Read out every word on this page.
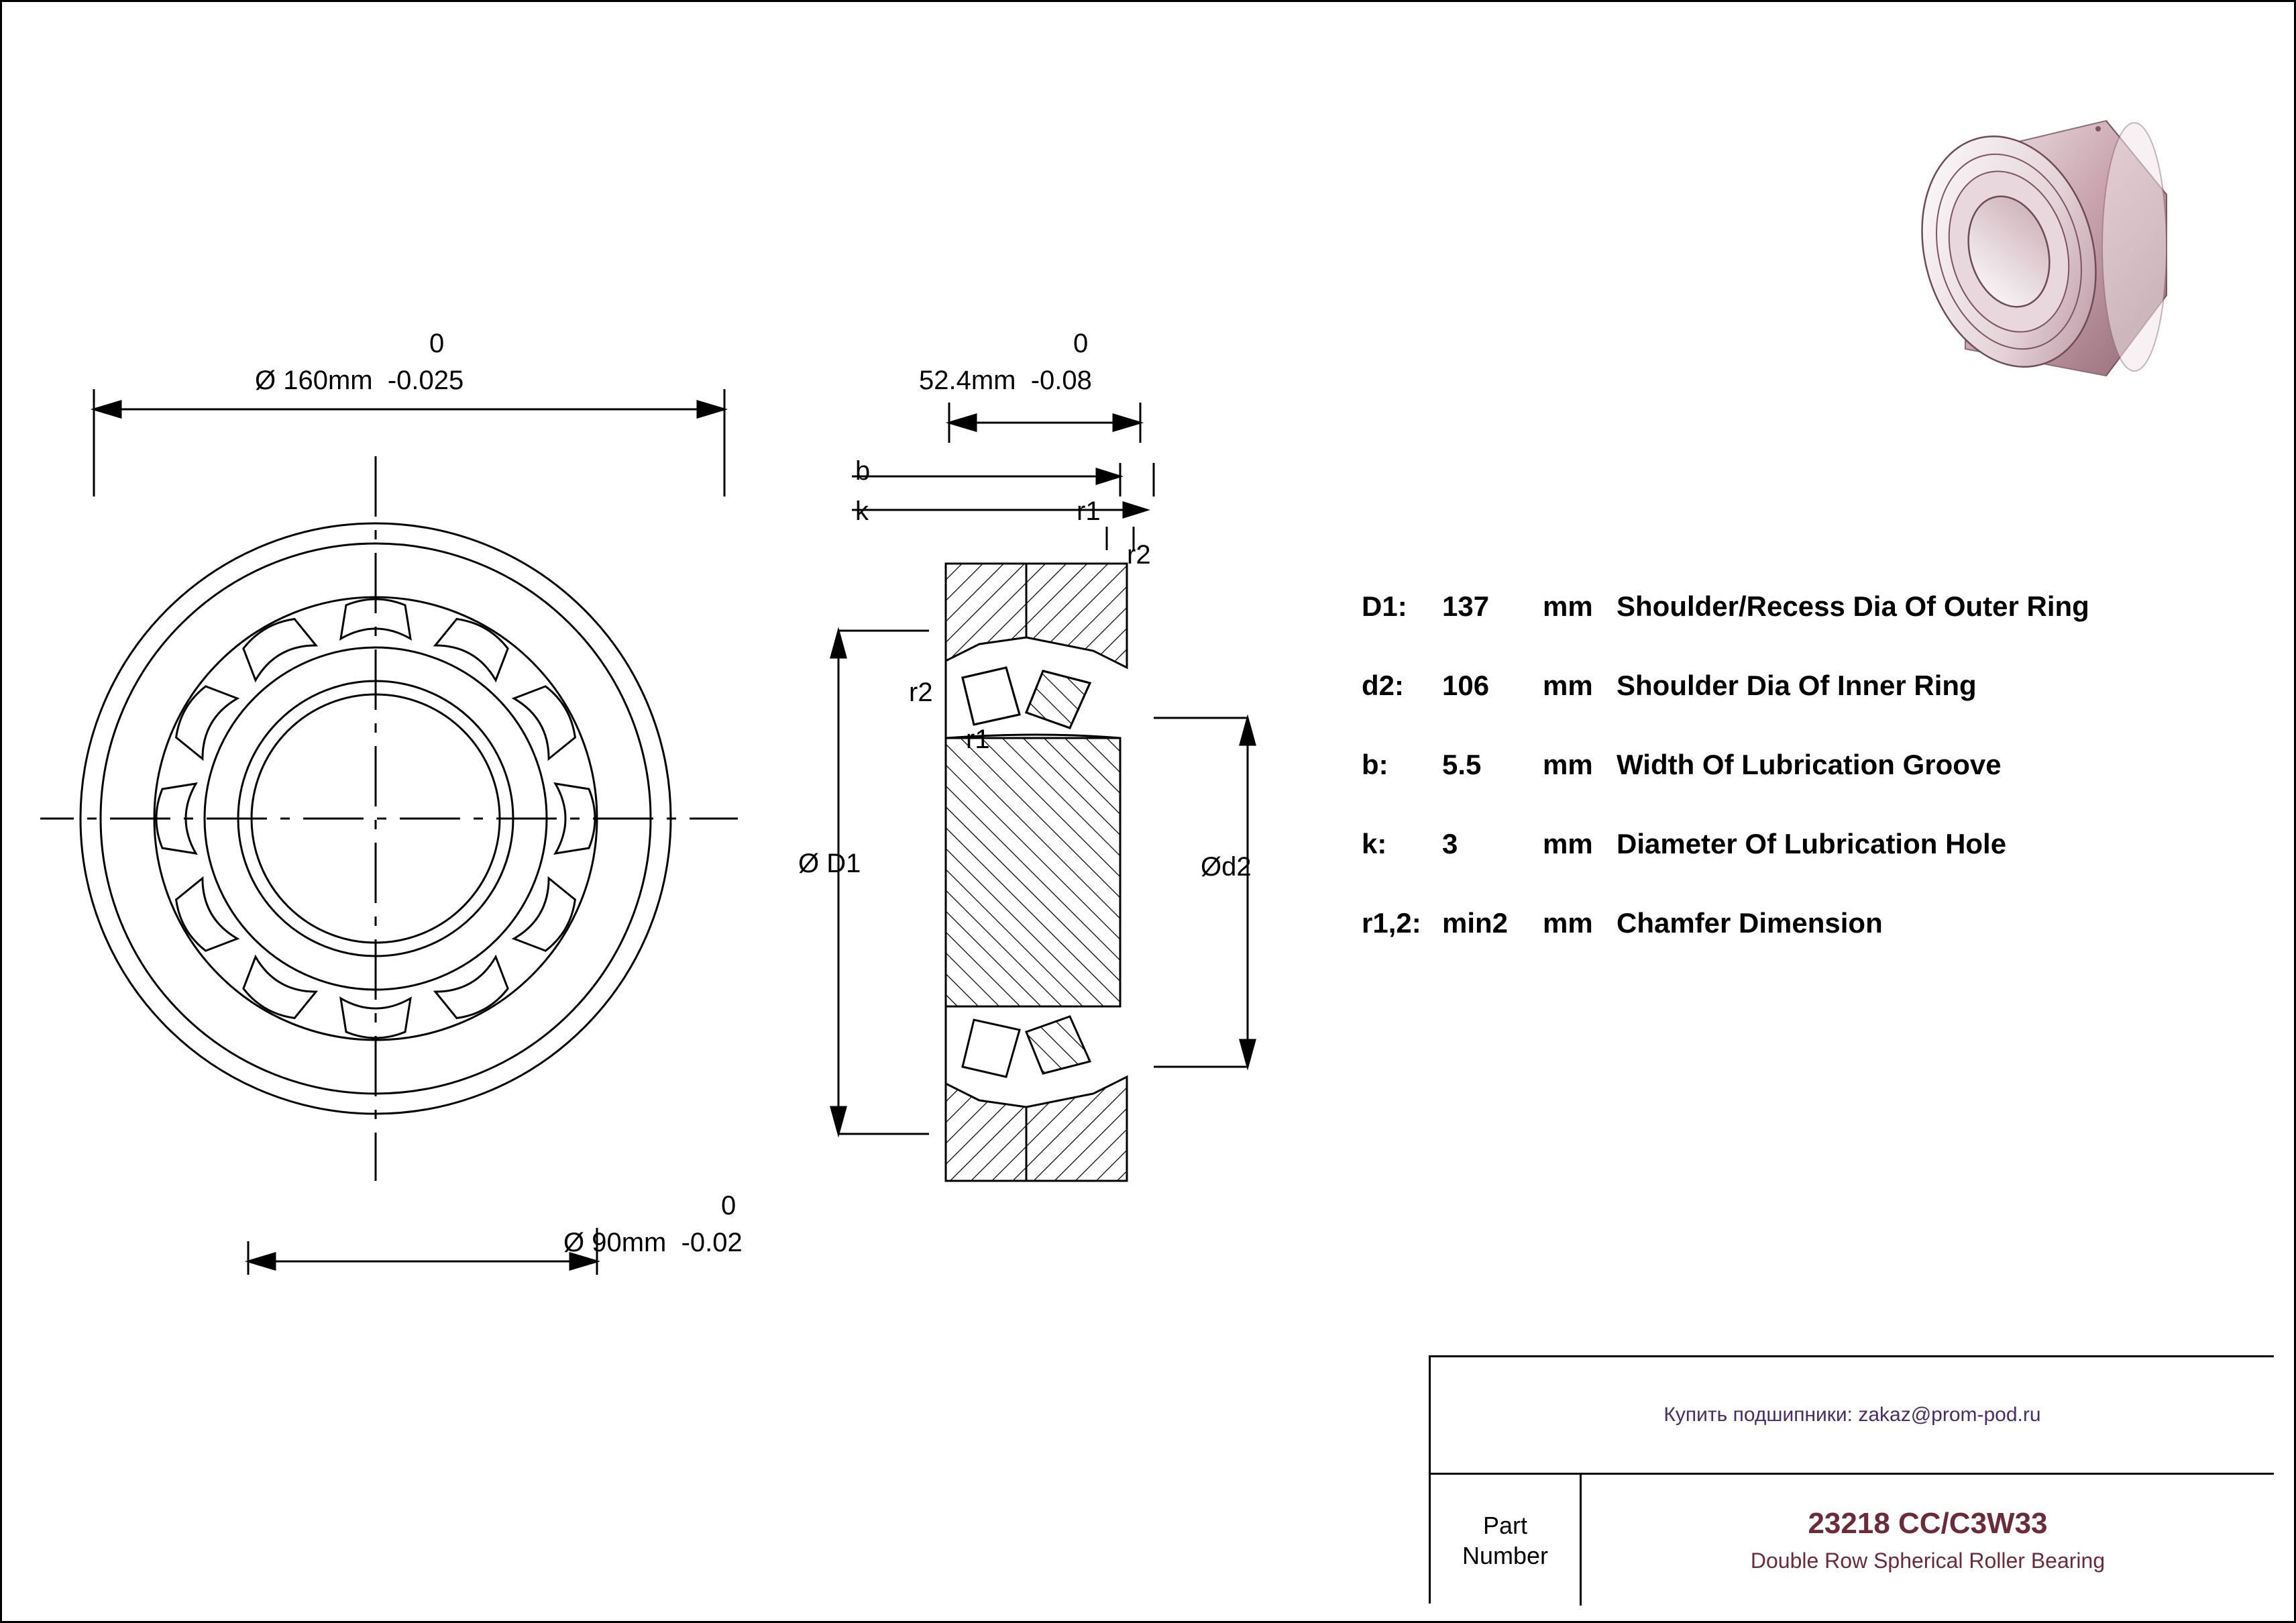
0
Ø 160mm  -0.025
0
Ø 90mm  -0.02
0
52.4mm  -0.08
b
k	r1
r2
r2
r1
Ø D1	Ød2
D1:	137	mm Shoulder/Recess Dia Of Outer Ring
d2:	106	mm Shoulder Dia Of Inner Ring
b:	5.5	mm Width Of Lubrication Groove
k:	3	mm Diameter Of Lubrication Hole
r1,2: min2	mm Chamfer Dimension
Купить подшипники: zakaz@prom-pod.ru
Part
Number
23218 CC/C3W33
Double Row Spherical Roller Bearing
